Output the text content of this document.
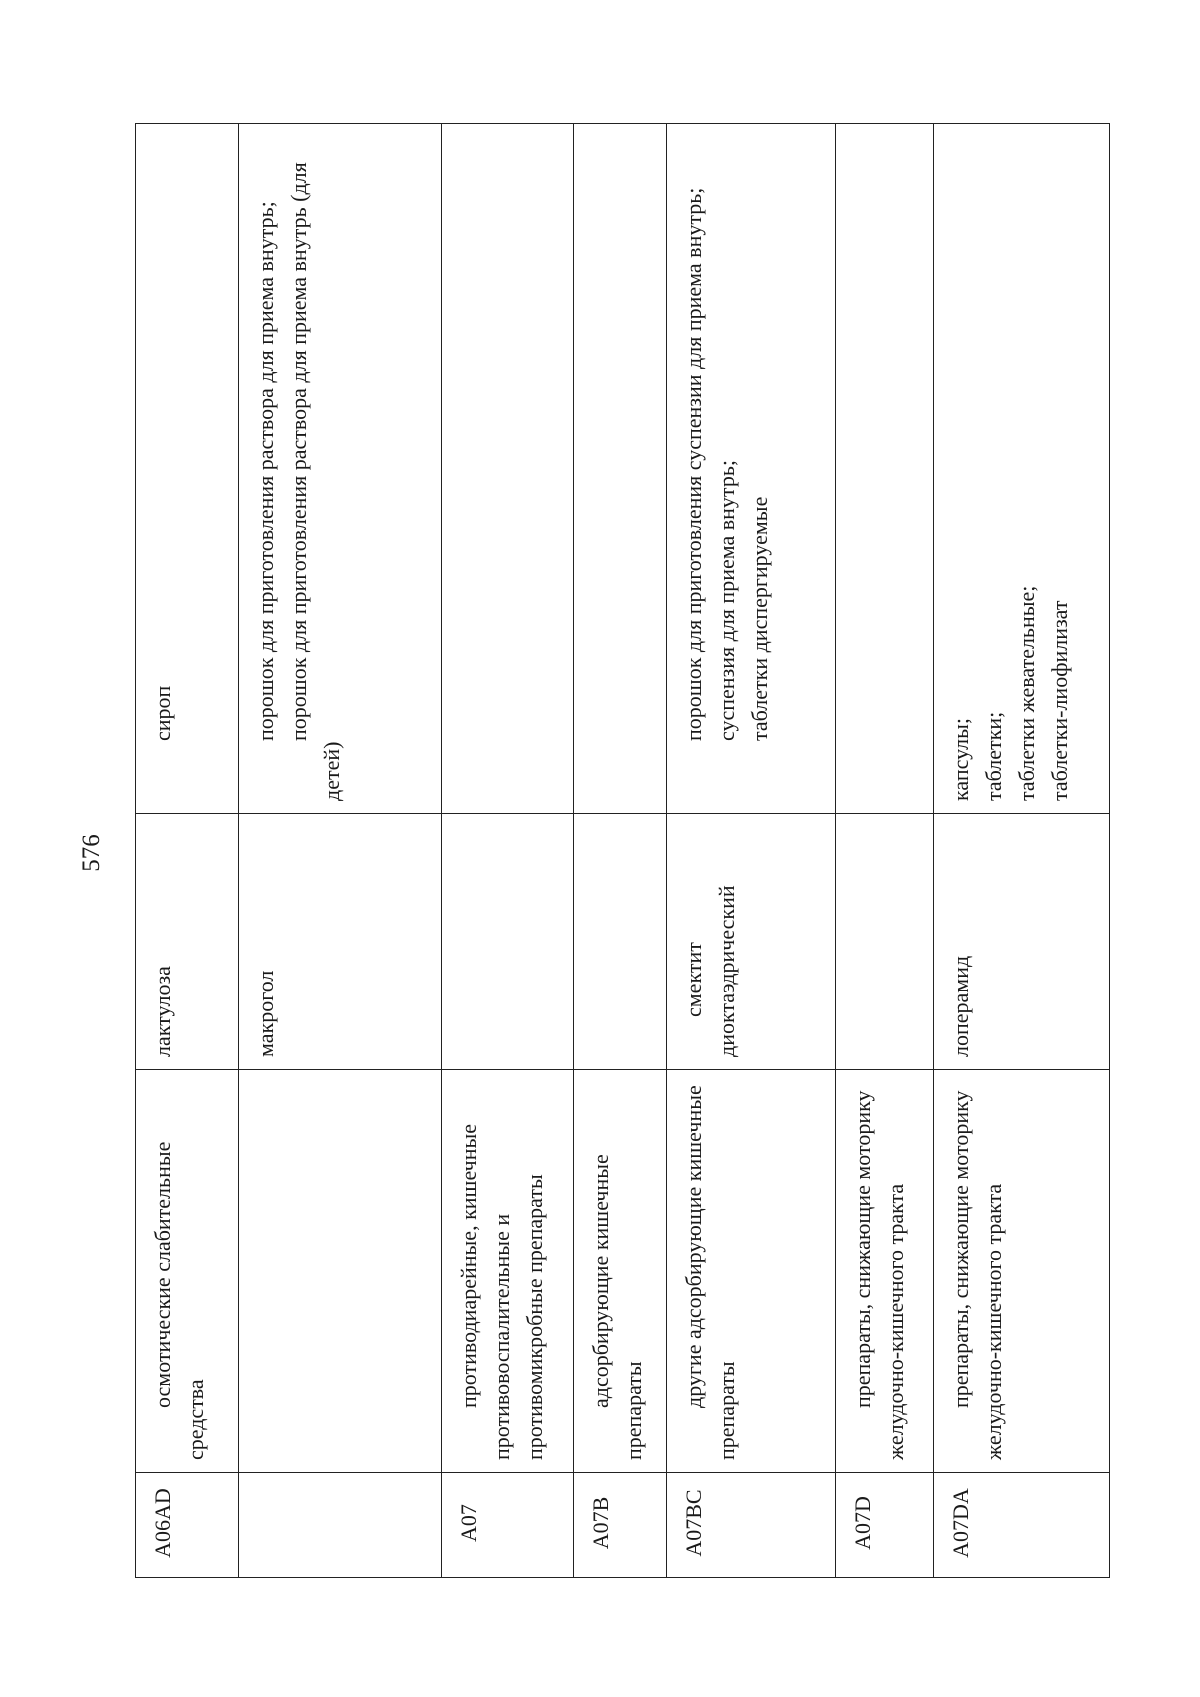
576
A06AD	осмотические слабительные средства	лактулоза	сироп

		макрогол	порошок для приготовления раствора для приема внутрь; порошок для приготовления раствора для приема внутрь (для детей)

A07	противодиарейные, кишечные противовоспалительные и противомикробные препараты		
A07B	адсорбирующие кишечные препараты		
A07BC	другие адсорбирующие кишечные препараты	смектит диоктаэдрический	порошок для приготовления суспензии для приема внутрь; суспензия для приема внутрь; таблетки диспергируемые

A07D	препараты, снижающие моторику желудочно-кишечного тракта		
A07DA	препараты, снижающие моторику желудочно-кишечного тракта	лоперамид	капсулы; таблетки; таблетки жевательные; таблетки-лиофилизат
